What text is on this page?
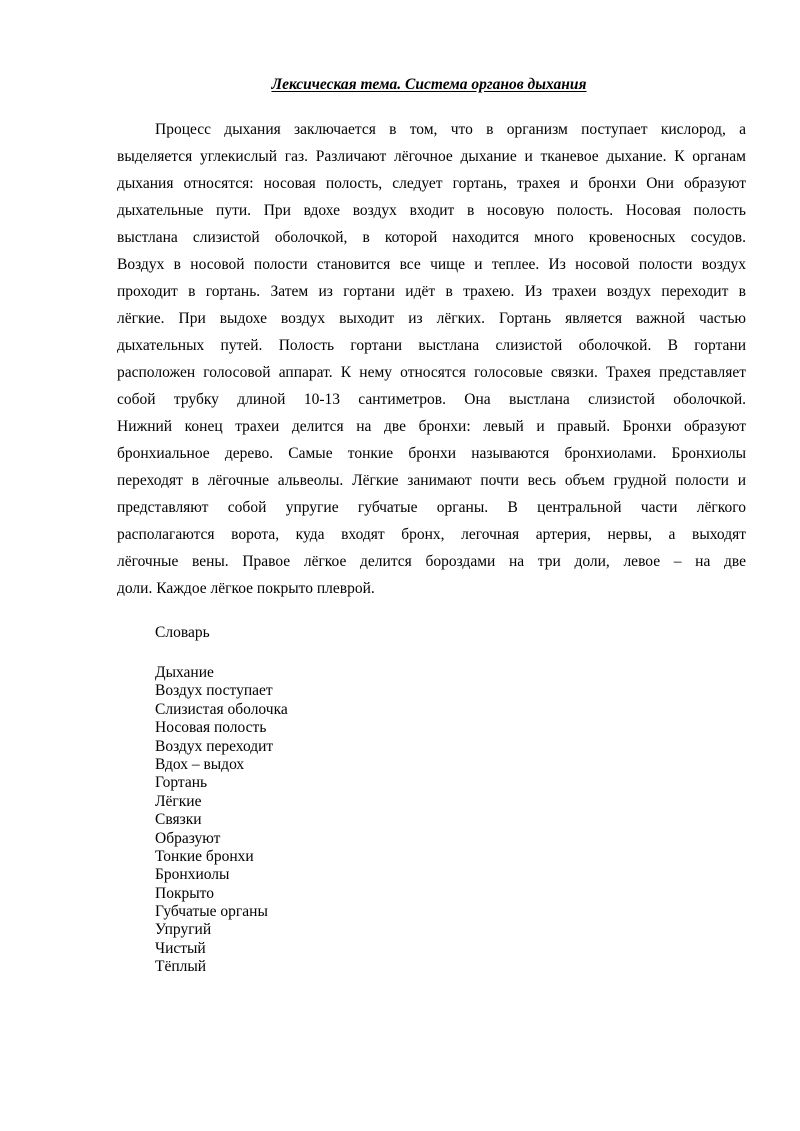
Лексическая тема. Система органов дыхания
Процесс дыхания заключается в том, что в организм поступает кислород, а
выделяется углекислый газ. Различают лёгочное дыхание и тканевое дыхание. К органам
дыхания относятся: носовая полость, следует гортань, трахея и бронхи Они образуют
дыхательные пути. При вдохе воздух входит в носовую полость. Носовая полость
выстлана слизистой оболочкой, в которой находится много кровеносных сосудов.
Воздух в носовой полости становится все чище и теплее. Из носовой полости воздух
проходит в гортань. Затем из гортани идёт в трахею. Из трахеи воздух переходит в
лёгкие. При выдохе воздух выходит из лёгких. Гортань является важной частью
дыхательных путей. Полость гортани выстлана слизистой оболочкой. В гортани
расположен голосовой аппарат. К нему относятся голосовые связки. Трахея представляет
собой трубку длиной 10-13 сантиметров. Она выстлана слизистой оболочкой.
Нижний конец трахеи делится на две бронхи: левый и правый. Бронхи образуют
бронхиальное дерево. Самые тонкие бронхи называются бронхиолами. Бронхиолы
переходят в лёгочные альвеолы. Лёгкие занимают почти весь объем грудной полости и
представляют собой упругие губчатые органы. В центральной части лёгкого
располагаются ворота, куда входят бронх, легочная артерия, нервы, а выходят
лёгочные вены. Правое лёгкое делится бороздами на три доли, левое – на две
доли. Каждое лёгкое покрыто плеврой.
Словарь
Дыхание
Воздух поступает
Слизистая оболочка
Носовая полость
Воздух переходит
Вдох – выдох
Гортань
Лёгкие
Связки
Образуют
Тонкие бронхи
Бронхиолы
Покрыто
Губчатые органы
Упругий
Чистый
Тёплый
